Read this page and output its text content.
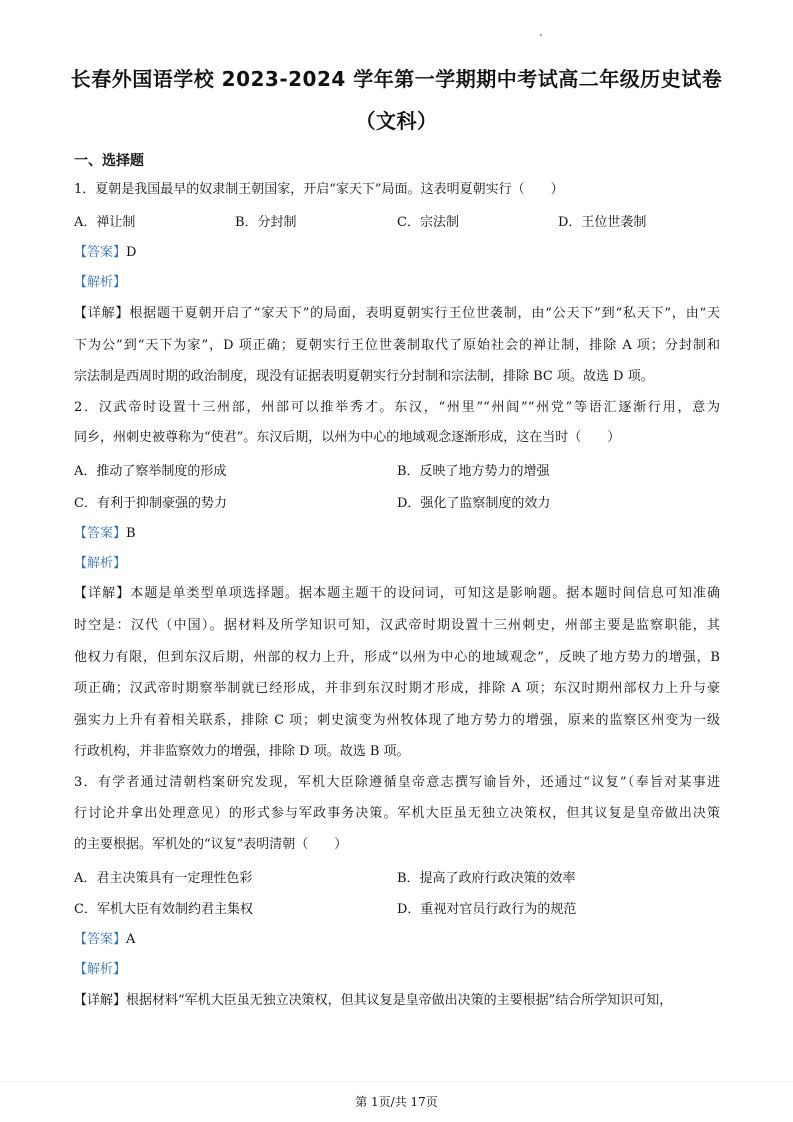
长春外国语学校 2023-2024 学年第一学期期中考试高二年级历史试卷
（文科）
一、选择题
1．夏朝是我国最早的奴隶制王朝国家，开启“家天下”局面。这表明夏朝实行（　　）
A．禅让制	B．分封制	C．宗法制	D．王位世袭制
【答案】D
【解析】
【详解】根据题干夏朝开启了“家天下”的局面，表明夏朝实行王位世袭制，由“公天下”到“私天下”，由“天
下为公”到“天下为家”，D 项正确；夏朝实行王位世袭制取代了原始社会的禅让制，排除 A 项；分封制和
宗法制是西周时期的政治制度，现没有证据表明夏朝实行分封制和宗法制，排除 BC 项。故选 D 项。
2．汉武帝时设置十三州部，州部可以推举秀才。东汉，“州里”“州闾”“州党”等语汇逐渐行用，意为
同乡，州刺史被尊称为“使君”。东汉后期，以州为中心的地域观念逐渐形成，这在当时（　　）
A．推动了察举制度的形成	B．反映了地方势力的增强
C．有利于抑制豪强的势力	D．强化了监察制度的效力
【答案】B
【解析】
【详解】本题是单类型单项选择题。据本题主题干的设问词，可知这是影响题。据本题时间信息可知准确
时空是：汉代（中国）。据材料及所学知识可知，汉武帝时期设置十三州刺史，州部主要是监察职能，其
他权力有限，但到东汉后期，州部的权力上升，形成“以州为中心的地域观念”，反映了地方势力的增强，B
项正确；汉武帝时期察举制就已经形成，并非到东汉时期才形成，排除 A 项；东汉时期州部权力上升与豪
强实力上升有着相关联系，排除 C 项；刺史演变为州牧体现了地方势力的增强，原来的监察区州变为一级
行政机构，并非监察效力的增强，排除 D 项。故选 B 项。
3．有学者通过清朝档案研究发现，军机大臣除遵循皇帝意志撰写谕旨外，还通过“议复”（奉旨对某事进
行讨论并拿出处理意见）的形式参与军政事务决策。军机大臣虽无独立决策权，但其议复是皇帝做出决策
的主要根据。军机处的“议复”表明清朝（　　）
A．君主决策具有一定理性色彩	B．提高了政府行政决策的效率
C．军机大臣有效制约君主集权	D．重视对官员行政行为的规范
【答案】A
【解析】
【详解】根据材料“军机大臣虽无独立决策权，但其议复是皇帝做出决策的主要根据”结合所学知识可知，
第 1页/共 17页
